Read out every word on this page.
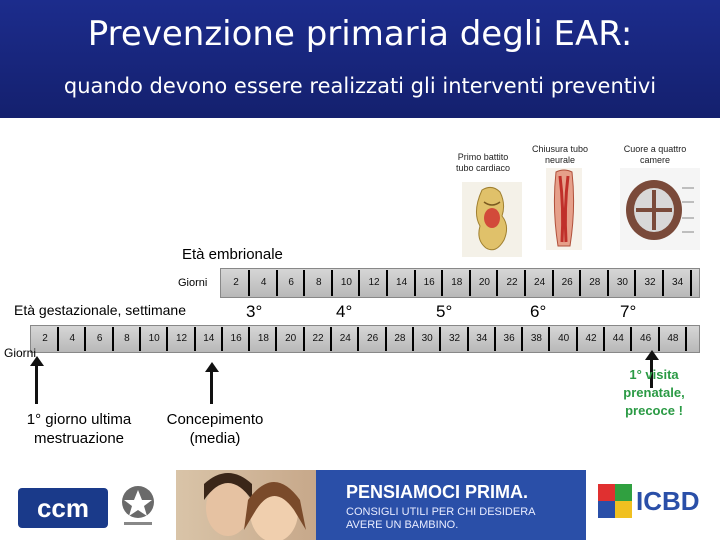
Prevenzione primaria degli EAR:
quando devono essere realizzati gli interventi preventivi
Primo battito tubo cardiaco
Chiusura tubo neurale
Cuore a quattro camere
Età embrionale
Giorni	2	4	6	8	10	12	14	16	18	20	22	24	26	28	30	32	34
Età gestazionale, settimane
2	4	6	8	10	12	14	16	18	20	22	24	26	28	30	32	34	36	38	40	42	44	46	48
3°	4°	5°	6°	7°
Giorni
1° giorno ultima mestruazione
Concepimento (media)
1° visita prenatale, precoce !
ccm
PENSIAMOCI PRIMA.
CONSIGLI UTILI PER CHI DESIDERA AVERE UN BAMBINO.
ICBD
